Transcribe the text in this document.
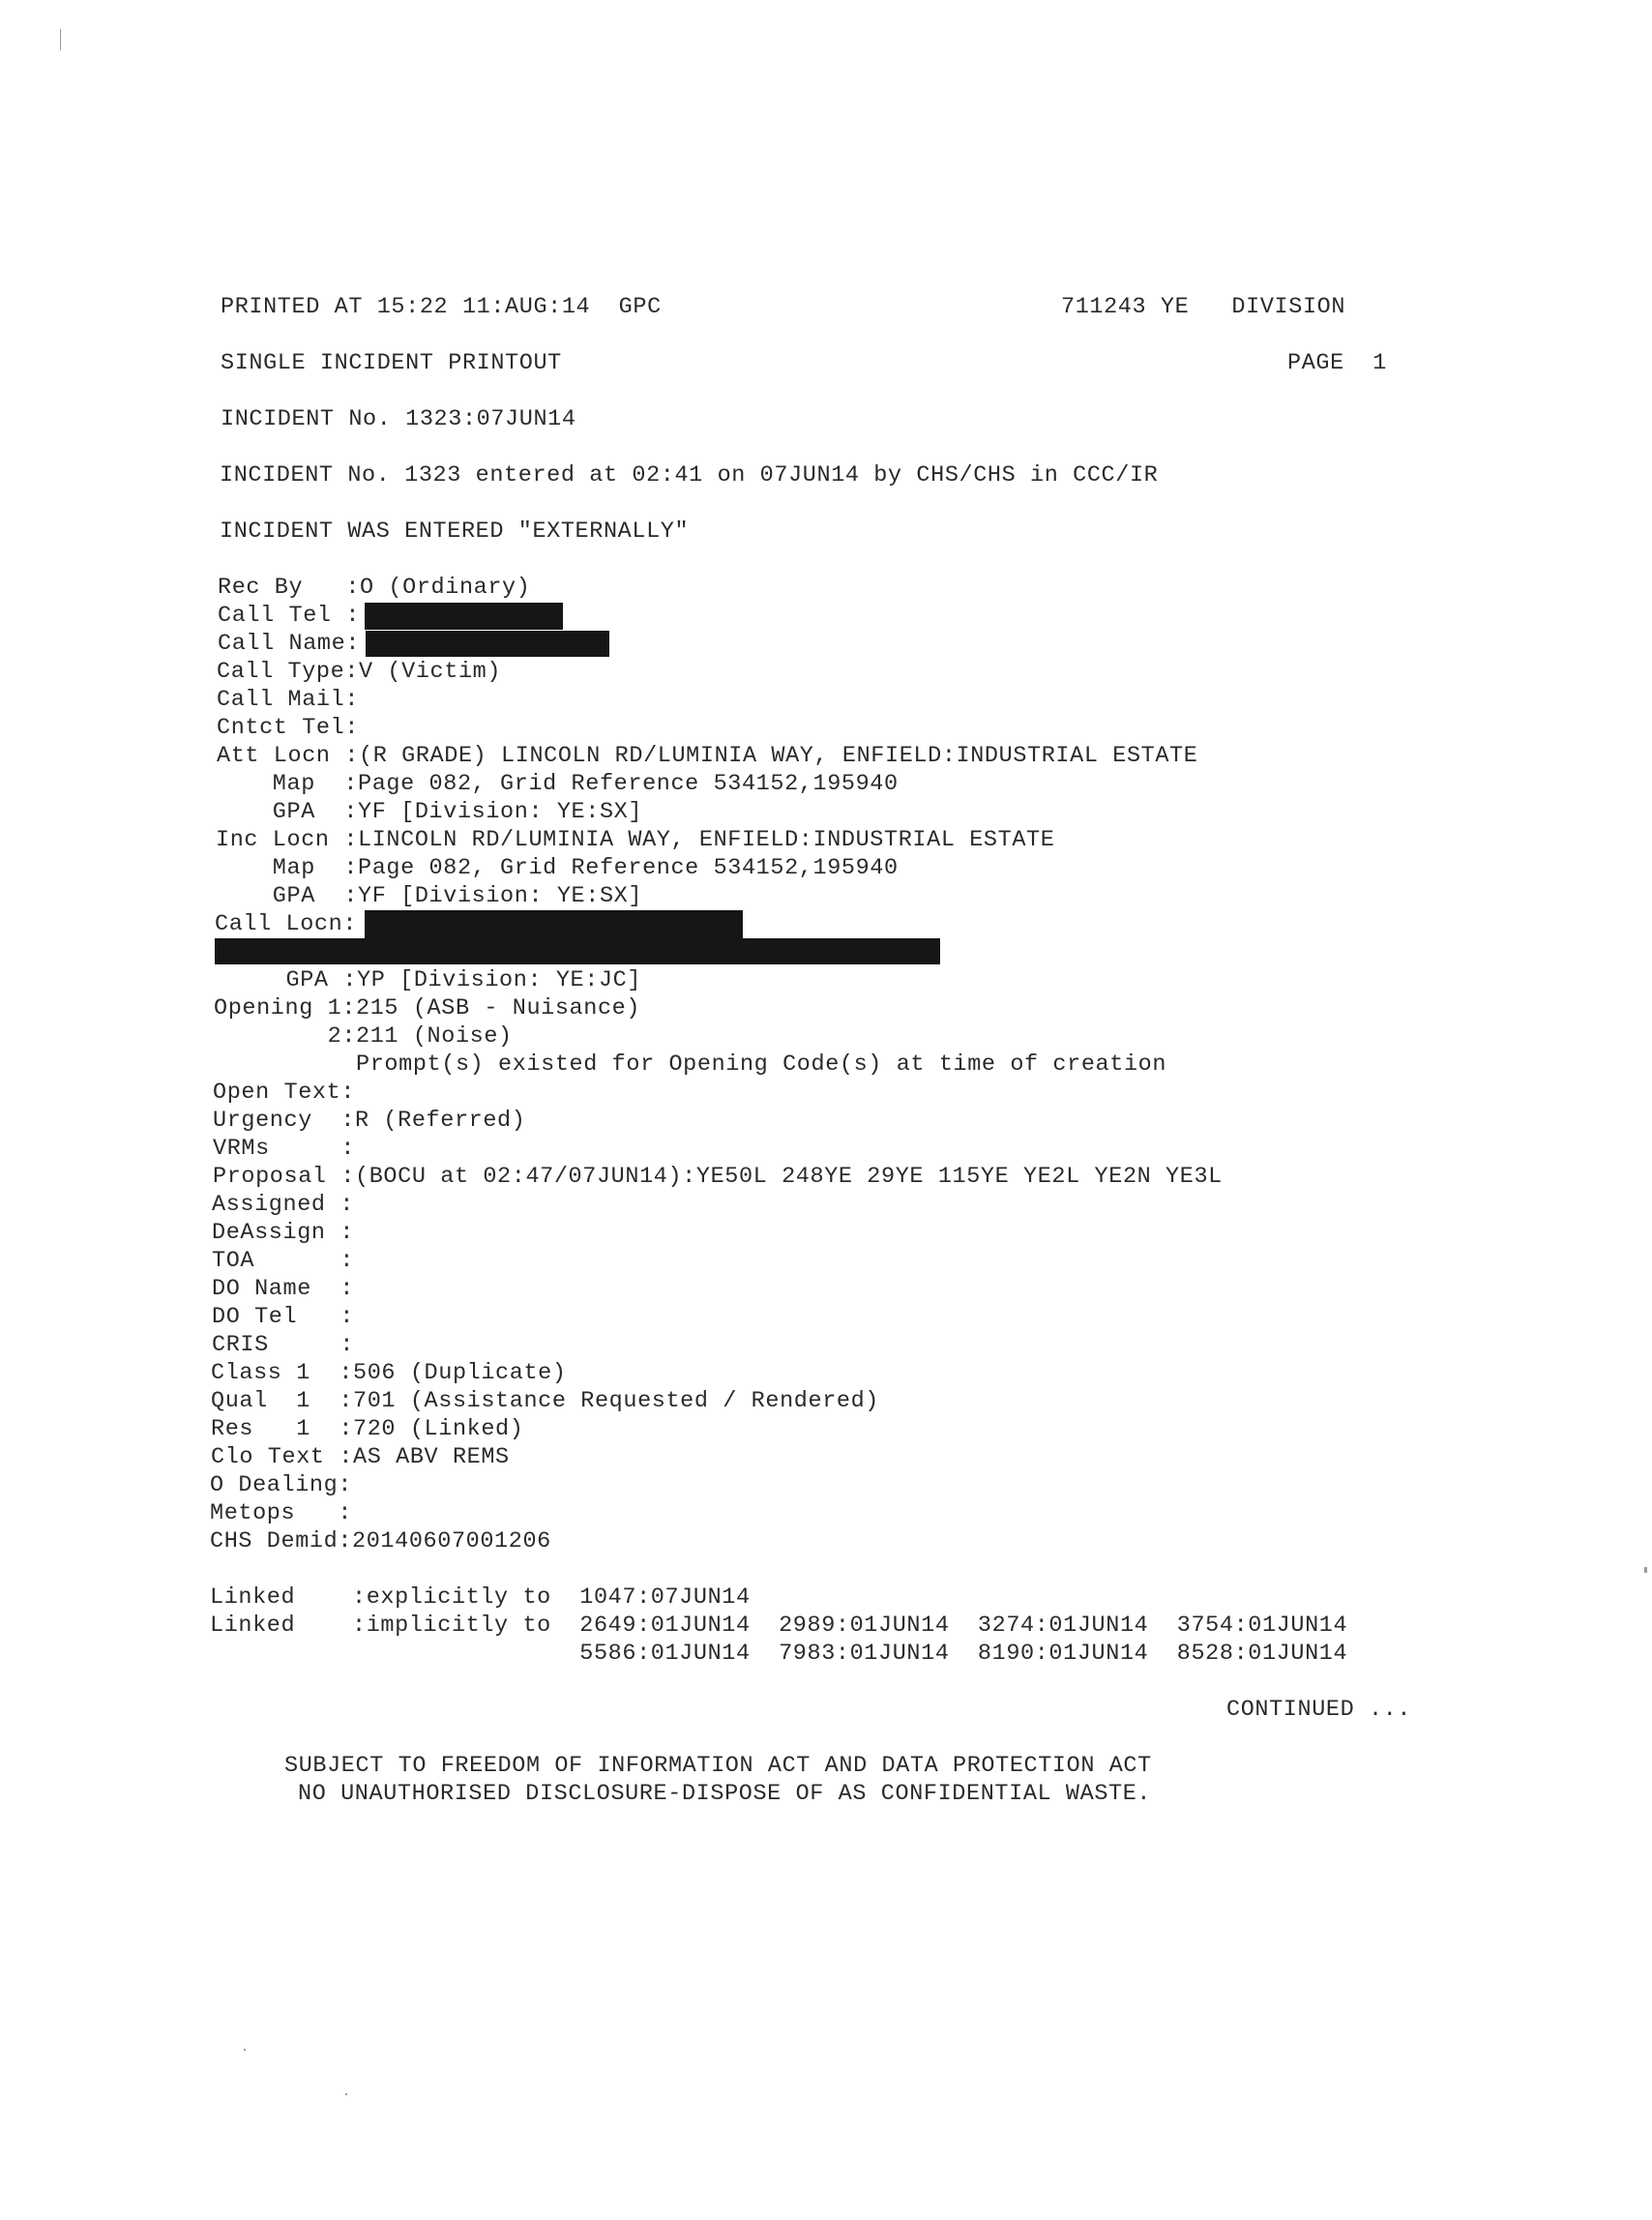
PRINTED AT 15:22 11:AUG:14  GPC	711243 YE   DIVISION
SINGLE INCIDENT PRINTOUT	PAGE  1
INCIDENT No. 1323:07JUN14
INCIDENT No. 1323 entered at 02:41 on 07JUN14 by CHS/CHS in CCC/IR
INCIDENT WAS ENTERED "EXTERNALLY"
Rec By   :O (Ordinary)
Call Tel :
Call Name:
Call Type:V (Victim)
Call Mail:
Cntct Tel:
Att Locn :(R GRADE) LINCOLN RD/LUMINIA WAY, ENFIELD:INDUSTRIAL ESTATE
Map  :Page 082, Grid Reference 534152,195940
GPA  :YF [Division: YE:SX]
Inc Locn :LINCOLN RD/LUMINIA WAY, ENFIELD:INDUSTRIAL ESTATE
Map  :Page 082, Grid Reference 534152,195940
GPA  :YF [Division: YE:SX]
Call Locn:
GPA :YP [Division: YE:JC]
Opening 1:215 (ASB - Nuisance)
2:211 (Noise)
Prompt(s) existed for Opening Code(s) at time of creation
Open Text:
Urgency  :R (Referred)
VRMs     :
Proposal :(BOCU at 02:47/07JUN14):YE50L 248YE 29YE 115YE YE2L YE2N YE3L
Assigned :
DeAssign :
TOA      :
DO Name  :
DO Tel   :
CRIS     :
Class 1  :506 (Duplicate)
Qual  1  :701 (Assistance Requested / Rendered)
Res   1  :720 (Linked)
Clo Text :AS ABV REMS
O Dealing:
Metops   :
CHS Demid:20140607001206
Linked    :explicitly to  1047:07JUN14
Linked    :implicitly to  2649:01JUN14  2989:01JUN14  3274:01JUN14  3754:01JUN14
5586:01JUN14  7983:01JUN14  8190:01JUN14  8528:01JUN14
CONTINUED ...
SUBJECT TO FREEDOM OF INFORMATION ACT AND DATA PROTECTION ACT
NO UNAUTHORISED DISCLOSURE-DISPOSE OF AS CONFIDENTIAL WASTE.
